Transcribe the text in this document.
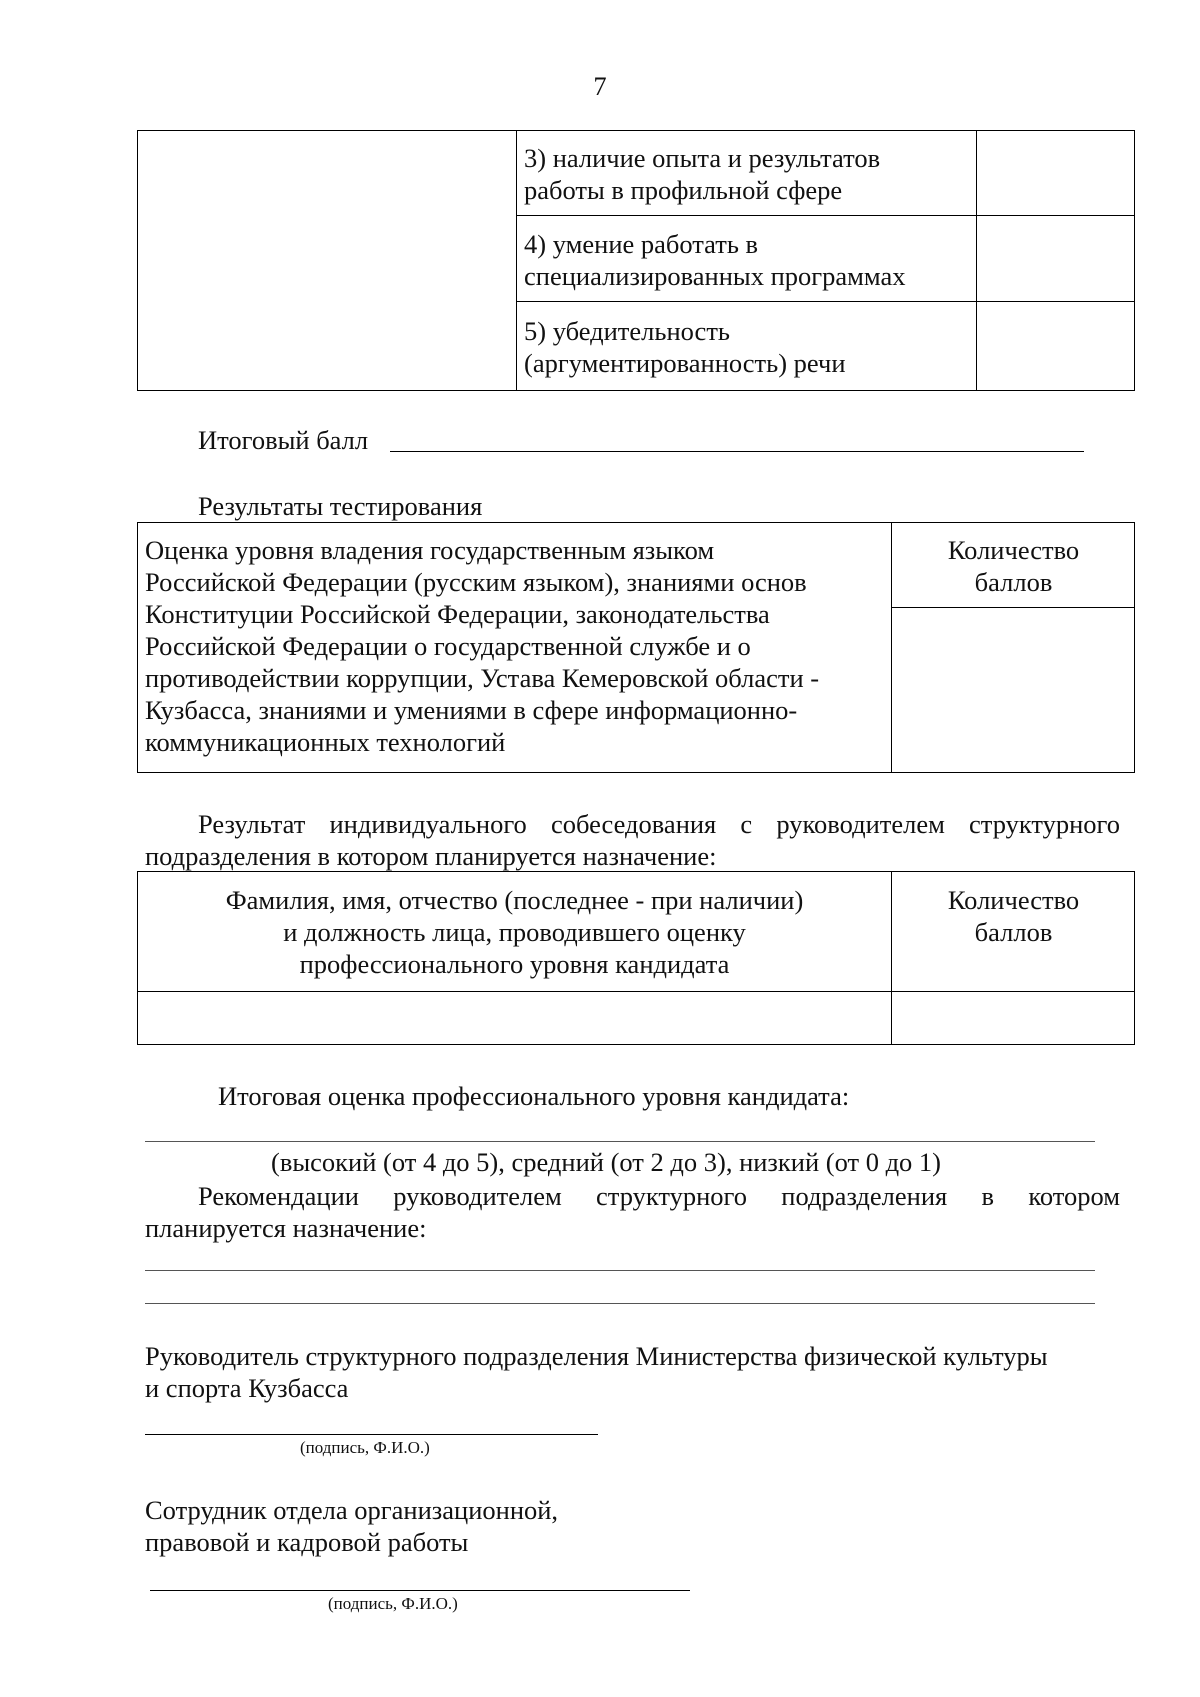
7
3) наличие опыта и результатов
работы в профильной сфере
4) умение работать в
специализированных программах
5) убедительность
(аргументированность) речи
Итоговый балл
Результаты тестирования
Оценка уровня владения государственным языком
Российской Федерации (русским языком), знаниями основ
Конституции Российской Федерации, законодательства
Российской Федерации о государственной службе и о
противодействии коррупции, Устава Кемеровской области -
Кузбасса, знаниями и умениями в сфере информационно-
коммуникационных технологий
Количество
баллов
Результат индивидуального собеседования с руководителем структурного
подразделения в котором планируется назначение:
Фамилия, имя, отчество (последнее - при наличии)
и должность лица, проводившего оценку
профессионального уровня кандидата
Количество
баллов
Итоговая оценка профессионального уровня кандидата:
(высокий (от 4 до 5), средний (от 2 до 3), низкий (от 0 до 1)
Рекомендации руководителем структурного подразделения в котором
планируется назначение:
Руководитель структурного подразделения Министерства физической культуры
и спорта Кузбасса
(подпись, Ф.И.О.)
Сотрудник отдела организационной,
правовой и кадровой работы
(подпись, Ф.И.О.)
